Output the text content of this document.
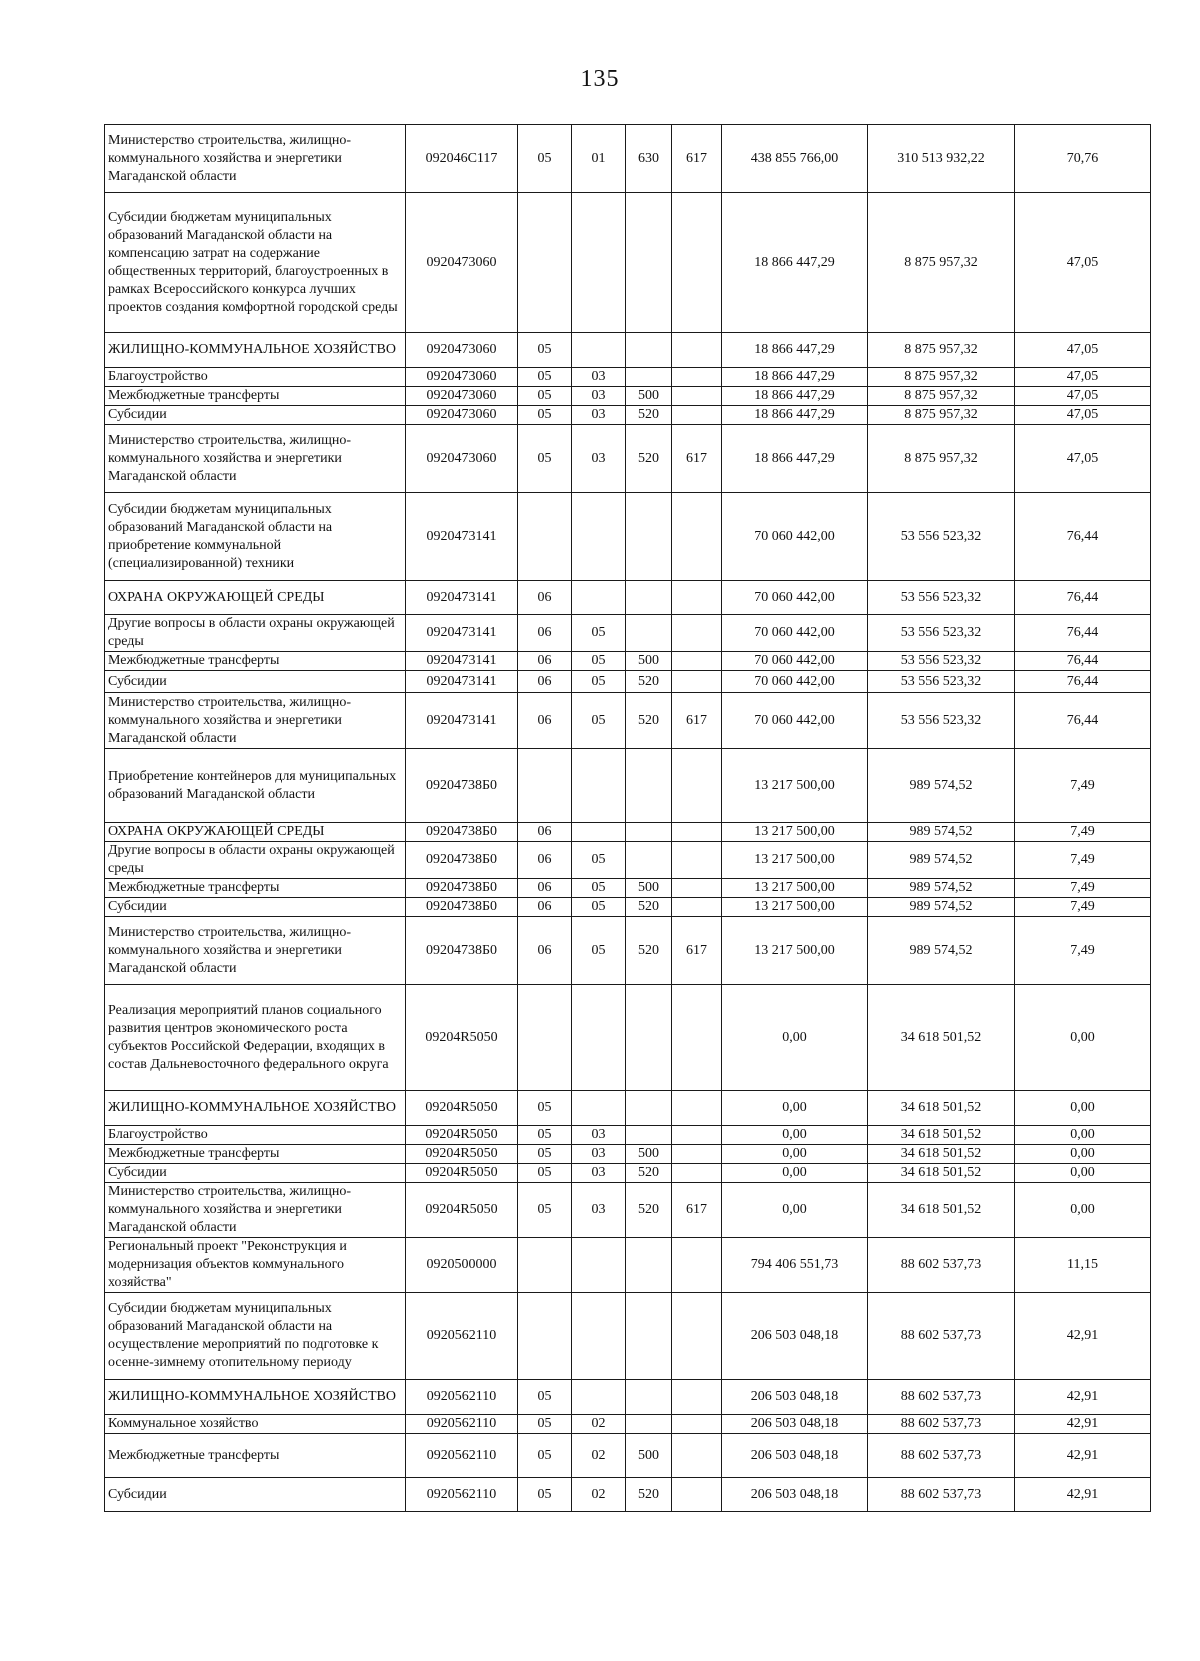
135
Министерство строительства, жилищно-коммунального хозяйства и энергетики Магаданской области	092046С117	05	01	630	617	438 855 766,00	310 513 932,22	70,76
Субсидии бюджетам муниципальных образований Магаданской области на компенсацию затрат на содержание общественных территорий, благоустроенных в рамках Всероссийского конкурса лучших проектов создания комфортной городской среды	0920473060					18 866 447,29	8 875 957,32	47,05
ЖИЛИЩНО-КОММУНАЛЬНОЕ ХОЗЯЙСТВО	0920473060	05				18 866 447,29	8 875 957,32	47,05
Благоустройство	0920473060	05	03			18 866 447,29	8 875 957,32	47,05
Межбюджетные трансферты	0920473060	05	03	500		18 866 447,29	8 875 957,32	47,05
Субсидии	0920473060	05	03	520		18 866 447,29	8 875 957,32	47,05
Министерство строительства, жилищно-коммунального хозяйства и энергетики Магаданской области	0920473060	05	03	520	617	18 866 447,29	8 875 957,32	47,05
Субсидии бюджетам муниципальных образований Магаданской области на приобретение коммунальной (специализированной) техники	0920473141					70 060 442,00	53 556 523,32	76,44
ОХРАНА ОКРУЖАЮЩЕЙ СРЕДЫ	0920473141	06				70 060 442,00	53 556 523,32	76,44
Другие вопросы в области охраны окружающей среды	0920473141	06	05			70 060 442,00	53 556 523,32	76,44
Межбюджетные трансферты	0920473141	06	05	500		70 060 442,00	53 556 523,32	76,44
Субсидии	0920473141	06	05	520		70 060 442,00	53 556 523,32	76,44
Министерство строительства, жилищно-коммунального хозяйства и энергетики Магаданской области	0920473141	06	05	520	617	70 060 442,00	53 556 523,32	76,44
Приобретение контейнеров для муниципальных образований Магаданской области	09204738Б0					13 217 500,00	989 574,52	7,49
ОХРАНА ОКРУЖАЮЩЕЙ СРЕДЫ	09204738Б0	06				13 217 500,00	989 574,52	7,49
Другие вопросы в области охраны окружающей среды	09204738Б0	06	05			13 217 500,00	989 574,52	7,49
Межбюджетные трансферты	09204738Б0	06	05	500		13 217 500,00	989 574,52	7,49
Субсидии	09204738Б0	06	05	520		13 217 500,00	989 574,52	7,49
Министерство строительства, жилищно-коммунального хозяйства и энергетики Магаданской области	09204738Б0	06	05	520	617	13 217 500,00	989 574,52	7,49
Реализация мероприятий планов социального развития центров экономического роста субъектов Российской Федерации, входящих в состав Дальневосточного федерального округа	09204R5050					0,00	34 618 501,52	0,00
ЖИЛИЩНО-КОММУНАЛЬНОЕ ХОЗЯЙСТВО	09204R5050	05				0,00	34 618 501,52	0,00
Благоустройство	09204R5050	05	03			0,00	34 618 501,52	0,00
Межбюджетные трансферты	09204R5050	05	03	500		0,00	34 618 501,52	0,00
Субсидии	09204R5050	05	03	520		0,00	34 618 501,52	0,00
Министерство строительства, жилищно-коммунального хозяйства и энергетики Магаданской области	09204R5050	05	03	520	617	0,00	34 618 501,52	0,00
Региональный проект "Реконструкция и модернизация объектов коммунального хозяйства"	0920500000					794 406 551,73	88 602 537,73	11,15
Субсидии бюджетам муниципальных образований Магаданской области на осуществление мероприятий по подготовке к осенне-зимнему отопительному периоду	0920562110					206 503 048,18	88 602 537,73	42,91
ЖИЛИЩНО-КОММУНАЛЬНОЕ ХОЗЯЙСТВО	0920562110	05				206 503 048,18	88 602 537,73	42,91
Коммунальное хозяйство	0920562110	05	02			206 503 048,18	88 602 537,73	42,91
Межбюджетные трансферты	0920562110	05	02	500		206 503 048,18	88 602 537,73	42,91
Субсидии	0920562110	05	02	520		206 503 048,18	88 602 537,73	42,91
